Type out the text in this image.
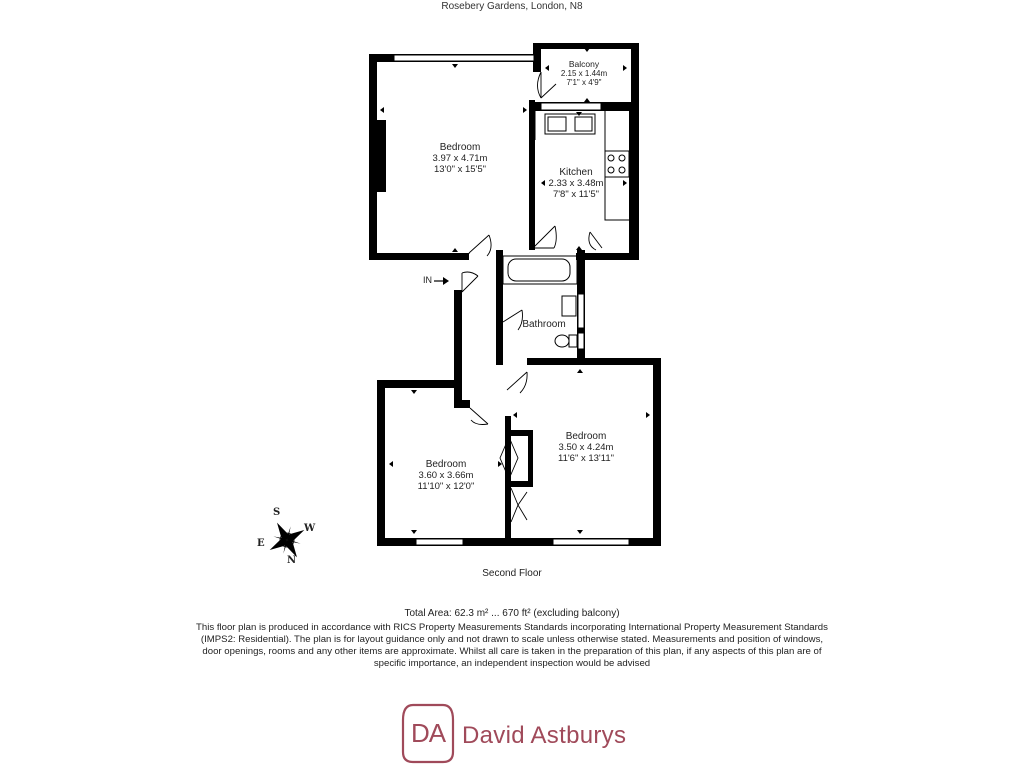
Rosebery Gardens, London, N8
Bedroom
3.97 x 4.71m
13'0" x 15'5"
Balcony
2.15 x 1.44m
7'1" x 4'9"
Kitchen
2.33 x 3.48m
7'8" x 11'5"
Bathroom
Bedroom
3.50 x 4.24m
11'6" x 13'11"
Bedroom
3.60 x 3.66m
11'10" x 12'0"
IN
S
W
E
N
Second Floor
Total Area: 62.3 m² ... 670 ft² (excluding balcony)
This floor plan is produced in accordance with RICS Property Measurements Standards incorporating International Property Measurement Standards (IMPS2: Residential). The plan is for layout guidance only and not drawn to scale unless otherwise stated. Measurements and position of windows, door openings, rooms and any other items are approximate. Whilst all care is taken in the preparation of this plan, if any aspects of this plan are of specific importance, an independent inspection would be advised
DA David Astburys
